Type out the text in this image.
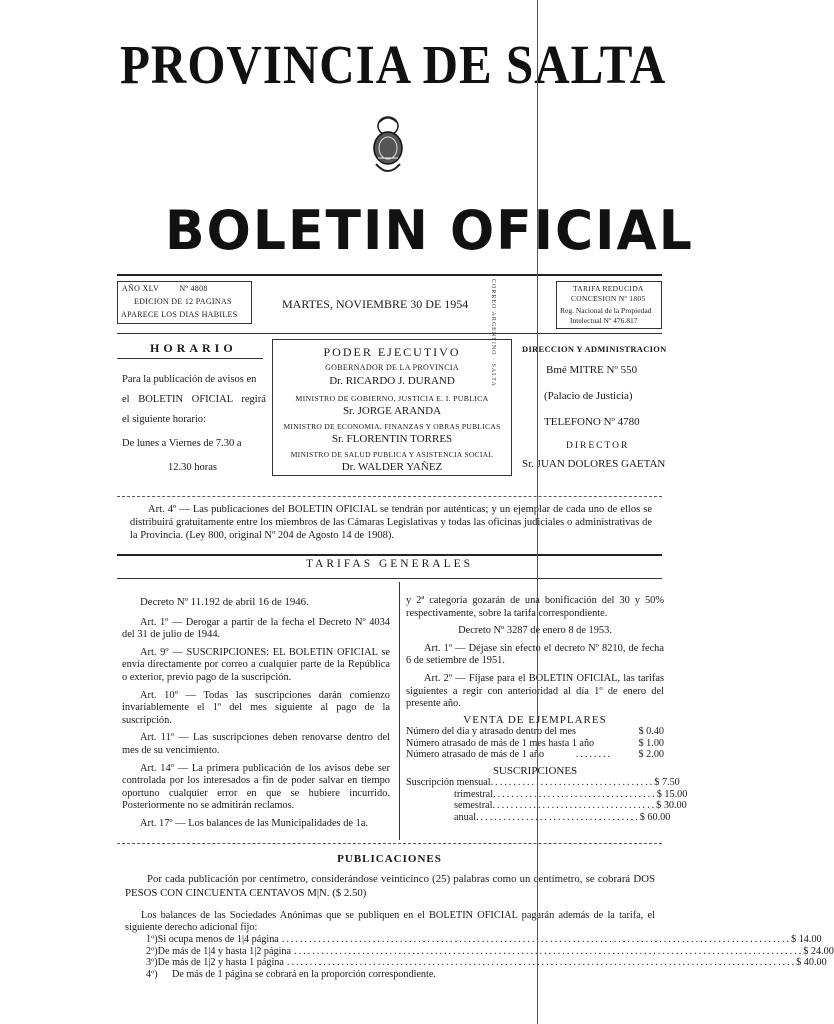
PROVINCIA DE SALTA
BOLETIN OFICIAL
AÑO XLV	Nº 4808
EDICION DE 12 PAGINAS
APARECE LOS DIAS HABILES
MARTES, NOVIEMBRE 30 DE 1954	CORREO ARGENTINO · SALTA	TARIFA REDUCIDA
CONCESION Nº 1805
Reg. Nacional de la Propiedad
Intelectual Nº 476.817
HORARIO
Para la publicación de avisos en
el BOLETIN OFICIAL regirá
el siguiente horario:
De lunes a Viernes de 7.30 a
12.30 horas
PODER EJECUTIVO
GOBERNADOR DE LA PROVINCIA
Dr. RICARDO J. DURAND
MINISTRO DE GOBIERNO, JUSTICIA E. I. PUBLICA
Sr. JORGE ARANDA
MINISTRO DE ECONOMIA, FINANZAS Y OBRAS PUBLICAS
Sr. FLORENTIN TORRES
MINISTRO DE SALUD PUBLICA Y ASISTENCIA SOCIAL
Dr. WALDER YAÑEZ
DIRECCION Y ADMINISTRACION
Bmé MITRE Nº 550
(Palacio de Justicia)
TELEFONO Nº 4780
DIRECTOR
Sr. JUAN DOLORES GAETAN
Art. 4º — Las publicaciones del BOLETIN OFICIAL se tendrán por auténticas; y un ejemplar de cada uno de ellos se distribuirá gratuitamente entre los miembros de las Cámaras Legislativas y todas las oficinas judiciales o administrativas de la Provincia. (Ley 800, original Nº 204 de Agosto 14 de 1908).
TARIFAS GENERALES

Decreto Nº 11.192 de abril 16 de 1946.

Art. 1º — Derogar a partir de la fecha el Decreto Nº 4034 del 31 de julio de 1944.

Art. 9º — SUSCRIPCIONES: EL BOLETIN OFICIAL se envía directamente por correo a cualquier parte de la República o exterior, previo pago de la suscripción.

Art. 10º — Todas las suscripciones darán comienzo invariablemente el 1º del mes siguiente al pago de la suscripción.

Art. 11º — Las suscripciones deben renovarse dentro del mes de su vencimiento.

Art. 14º — La primera publicación de los avisos debe ser controlada por los interesados a fin de poder salvar en tiempo oportuno cualquier error en que se hubiere incurrido. Posteriormente no se admitirán reclamos.

Art. 17º — Los balances de las Municipalidades de 1a.

y 2ª categoría gozarán de una bonificación del 30 y 50% respectivamente, sobre la tarifa correspondiente.

Decreto Nº 3287 de enero 8 de 1953.

Art. 1º — Déjase sin efecto el decreto Nº 8210, de fecha 6 de setiembre de 1951.

Art. 2º — Fíjase para el BOLETIN OFICIAL, las tarifas siguientes a regir con anterioridad al día 1º de enero del presente año.

VENTA DE EJEMPLARES
Número del día y atrasado dentro del mes	$ 0.40
Número atrasado de más de 1 mes hasta 1 año	$ 1.00
Número atrasado de más de 1 año	........	$ 2.00
SUSCRIPCIONES
Suscripción mensual .................................... $ 7.50
trimestral .................................... $ 15.00
semestral .................................... $ 30.00
anual .................................... $ 60.00
PUBLICACIONES
Por cada publicación por centímetro, considerándose veinticinco (25) palabras como un centímetro, se cobrará DOS PESOS CON CINCUENTA CENTAVOS M|N. ($ 2.50)
Los balances de las Sociedades Anónimas que se publiquen en el BOLETIN OFICIAL pagarán además de la tarifa, el siguiente derecho adicional fijo:
1º) Si ocupa menos de 1|4 página ................................................................................................................ $ 14.00
2º) De más de 1|4 y hasta 1|2 página ................................................................................................................ $ 24.00
3º) De más de 1|2 y hasta 1 página ................................................................................................................ $ 40.00
4º)	De más de 1 página se cobrará en la proporción correspondiente.
